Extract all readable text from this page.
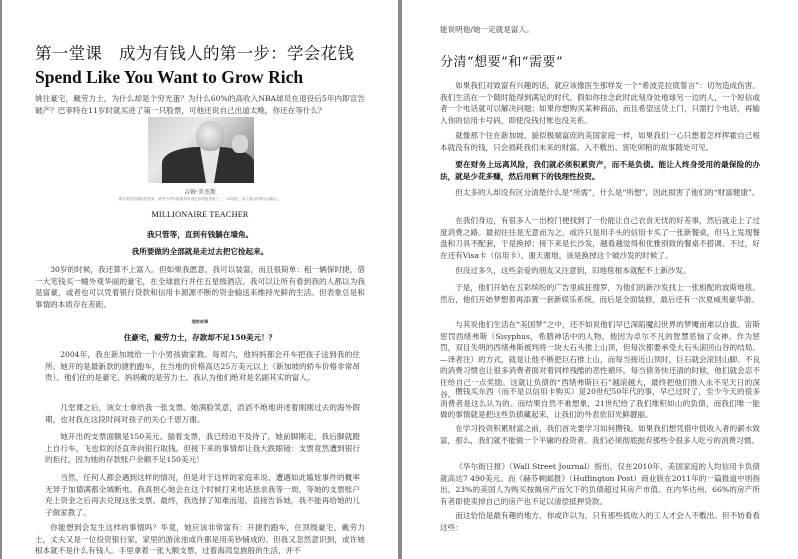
第一堂课　成为有钱人的第一步：学会花钱
Spend Like You Want to Grow Rich

姚住豪宅，戴劳力士，为什么却是个穷光蛋？为什么60%的高收入NBA球员在退役后5年内即宣告破产？巴菲特在11岁时就买进了第一只股票，可他还说自己出道太晚，你还在等什么？

吉姆·罗杰斯
著名的美国国际投资家、被誉为华尔街最具传奇色彩的投资家之一，21世纪，量子基金的联合创始人。
MILLIONAIRE TEACHER
我只管等，直到有钱躺在墙角。
我所要做的全部就是走过去把它捡起来。

30岁的时候，我还算不上富人。但如果我愿意，我可以装富，而且很简单：租一辆保时捷，借一大笔钱买一幢外观华丽的豪宅，在全球旅行并住五星级酒店。我可以让所有看到我的人都以为我是富豪，或者也可以凭着银行贷款和信用卡源源不断的资金输送来维持光鲜的生活。但表象总是和事情的本质存在差距。

理财故事
住豪宅，戴劳力士，存款却不足150美元！？

2004年，我在新加坡给一个小男孩做家教。每周六，他妈妈都会开车把孩子送到我的住所。她开的是最新款的捷豹跑车，在当地的价格高达25万美元以上（新加坡的轿车价格非常昂贵）。他们住的是豪宅，妈妈戴的是劳力士。我认为他们绝对是名副其实的富人。

几堂课之后，该女士拿给我一张支票。她满脸笑意，滔滔不绝地讲述着刚刚过去的海外假期，也对我在这段时间对孩子的关心千恩万谢。

她开出的支票面额是150美元。揣着支票，我已经迫不及待了，她前脚刚走，我后脚就蹬上自行车，飞也似的径直奔向银行取钱。但接下来的事情却让我大跌眼镜：支票竟然遭到银行的拒付，因为她的存款账户余额不足150美元！

当然，任何人都会遇到这样的情况，但是对于这样的家庭来说，遭遇如此尴尬事件的概率无异于加德满都全城断电。我真担心她会在这个时候打来电话恳求我等一周，等她的支票账户充上资金之后再去兑现这张支票。最终，我选择了知难而退，直接告诉她，我不能再给她的儿子做家教了。

你能想到会发生这样的事情吗？毕竟，她应该非常富有：开捷豹跑车，住顶级豪宅，戴劳力士，丈夫又是一位投资银行家，家里的游泳池或许都是用美钞铺成的。但我又忽然意识到，或许她根本就不是什么有钱人。手里拿着一张大额支票，过着海湾皇族般的生活，并不

能说明他/她一定就是富人。

分清“想要”和“需要”

如果我们对致富有兴趣的话，就应该像医生那样发一个“希波克拉底誓言”：切勿造成伤害。我们生活在一个随时能得到满足的时代。假如你挂念此时此刻身处地球另一边的人，一个短信或者一个电话就可以解决问题；如果你想购买某种商品，而且希望送货上门，只需打个电话，再输入你的信用卡号码，即使没钱付账也没关系。

就像那个住在新加坡、貌似极端富庶的美国家庭一样，如果我们一心只想着怎样挥霍自己根本就没有的钱，只会损耗我们未来的财富。入不敷出、寅吃卯粮的故事随处可见。

要在财务上远离风险，我们就必须积累资产，而不是负债。能让人终身受用的最保险的办法，就是少花多赚，然后用剩下的钱理性投资。

但太多的人却没有区分清楚什么是“所需”，什么是“所想”，因此损害了他们的“财富健康”。

在我们身边，有很多人一出校门便找到了一份能让自己衣食无忧的好差事，然后就走上了过度消费之路。最初往往是无意而为之，或许只是用手头的信用卡买了一张新餐桌，但马上发现餐盘和刀具不配套，于是换掉；接下来是长沙发，越看越觉得和优雅别致的餐桌不搭调。不过，好在还有Visa卡（信用卡），谢天谢地，该是换掉这个破沙发的时候了。

但没过多久，这些亲爱的朋友又注意到，旧地毯根本就配不上新沙发。

于是，他们开始在五彩缤纷的广告里疯狂搜罗，为他们的新沙发找上一张相配的波斯地毯。然后，他们开始梦想着再添置一套新娱乐系统，而后是全面装修，最后还有一次夏威夷豪华游。

与其说他们生活在“美国梦”之中，还不如说他们早已深陷魔幻世界的梦魇而难以自拔。宙斯惩罚西绪弗斯（Sisyphus，希腊神话中的人物，他因为卓尔不凡的智慧恶恼了众神。作为惩罚，双目失明的西绪弗斯被判将一块大石头推上山顶，但每次都要承受大石头滚回山谷的结局。—译者注）的方式，就是让他不断把巨石推上山，而每当接近山顶时，巨石就会滚回山脚。不良的消费习惯也让很多消费者面对着同样残酷的恶性循环。每当债务快还清的时候，他们就会忍不住给自己一点奖励。这就让负债的“西绪弗斯巨石”越滚越大，最终把他们推入永不见天日的深谷。 攒钱买东西（而不是以信用卡购买）是20世纪50年代的事，早已过时了，至少今天的很多消费者是这么认为的。而结果自然不难想象，21世纪给了我们堆积如山的负债，而我们唯一能做的事情就是把这些负债藏起来，让我们的外表依旧光鲜靓丽。

在学习投资积累财富之前，我们首先要学习如何攒钱。如果我们想凭借中低收入者的薪水致富，那么，我们就不能做一个平庸的投资者。我们必须彻底抛弃那些令很多人吃亏的消费习惯。

《华尔街日报》（Wall Street Journal）指出，仅在2010年，美国家庭的人均信用卡负债就高达7 490美元。而《赫芬顿邮报》（Huffington Post）商业版在2011年的一篇报道中则指出，23%的美国人为购买按揭房产而欠下的负债超过其房产市值。在内华达州，66%的房产所有者即使卖掉自己的房产也不足以清偿抵押贷款。

而这恰恰是最有趣的地方。你或许以为，只有那些低收入的工人才会入不敷出。但不妨看看这些：
